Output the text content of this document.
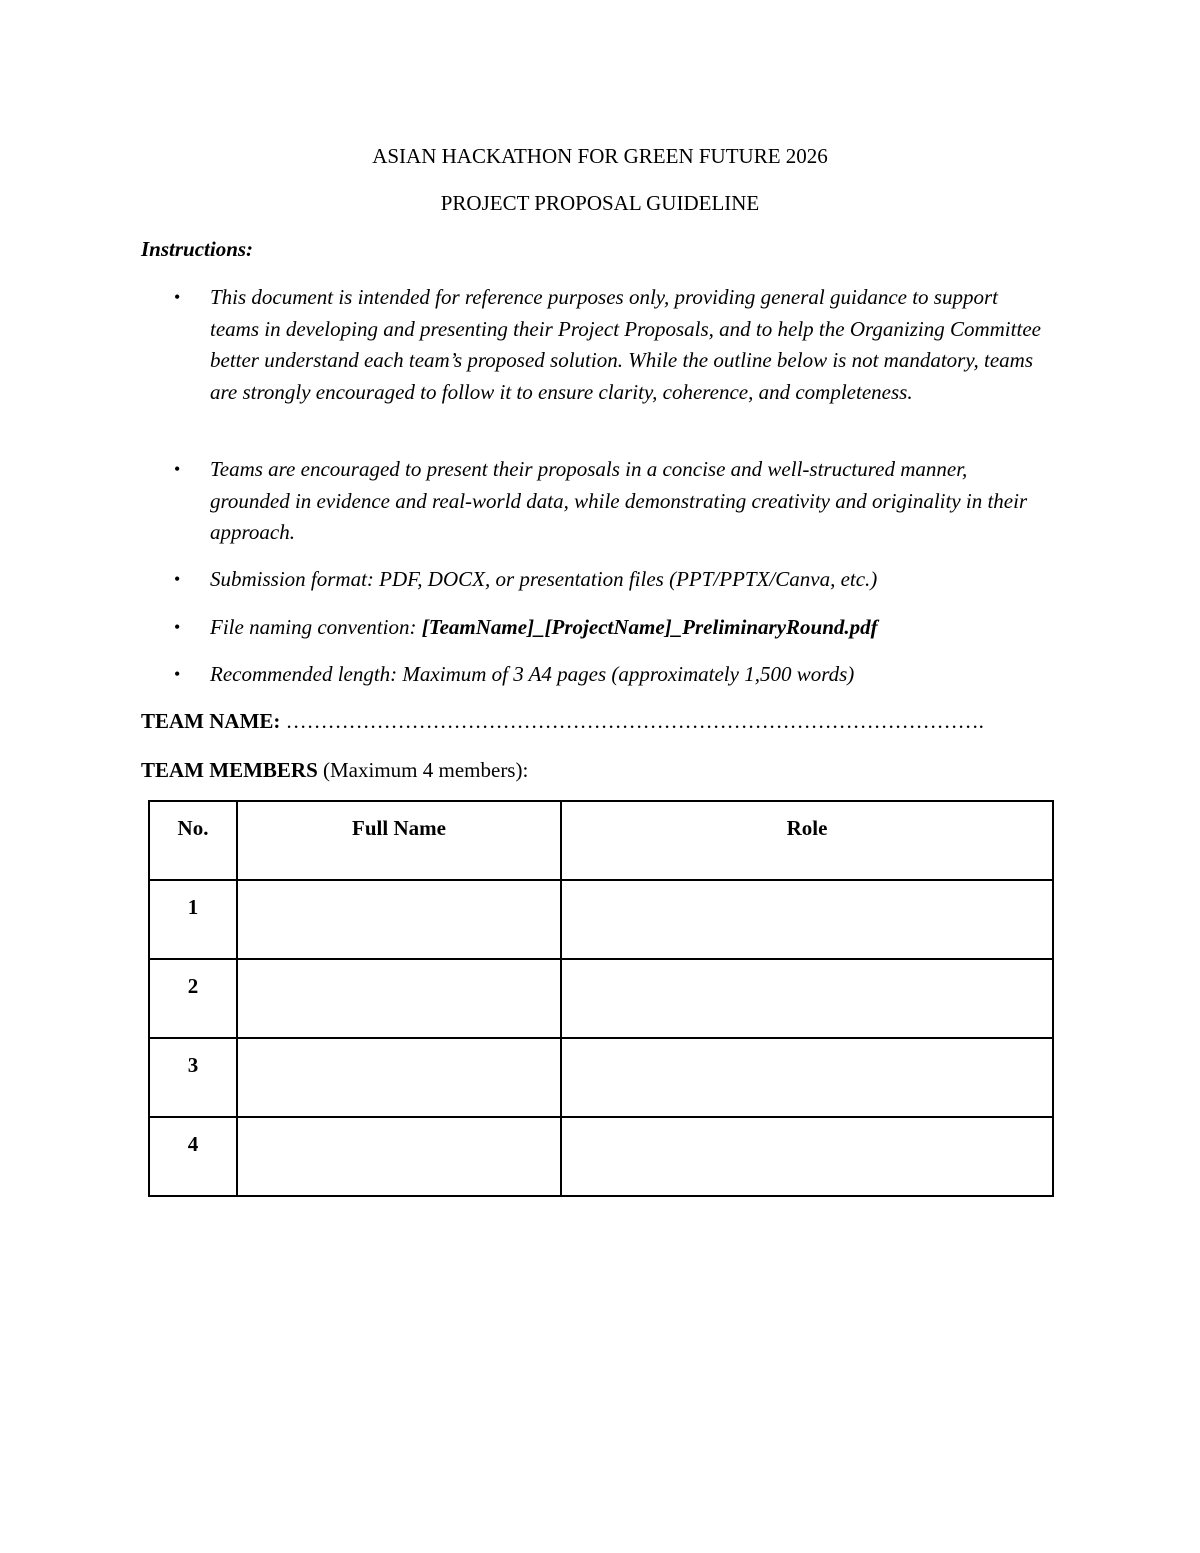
ASIAN HACKATHON FOR GREEN FUTURE 2026
PROJECT PROPOSAL GUIDELINE
Instructions:
• This document is intended for reference purposes only, providing general guidance to support teams in developing and presenting their Project Proposals, and to help the Organizing Committee better understand each team’s proposed solution. While the outline below is not mandatory, teams are strongly encouraged to follow it to ensure clarity, coherence, and completeness.
• Teams are encouraged to present their proposals in a concise and well-structured manner, grounded in evidence and real-world data, while demonstrating creativity and originality in their approach.
• Submission format: PDF, DOCX, or presentation files (PPT/PPTX/Canva, etc.)
• File naming convention: [TeamName]_[ProjectName]_PreliminaryRound.pdf
• Recommended length: Maximum of 3 A4 pages (approximately 1,500 words)
TEAM NAME: ……………………………………………………………………………………….
TEAM MEMBERS (Maximum 4 members):
No.	Full Name	Role
1		
2		
3		
4		
